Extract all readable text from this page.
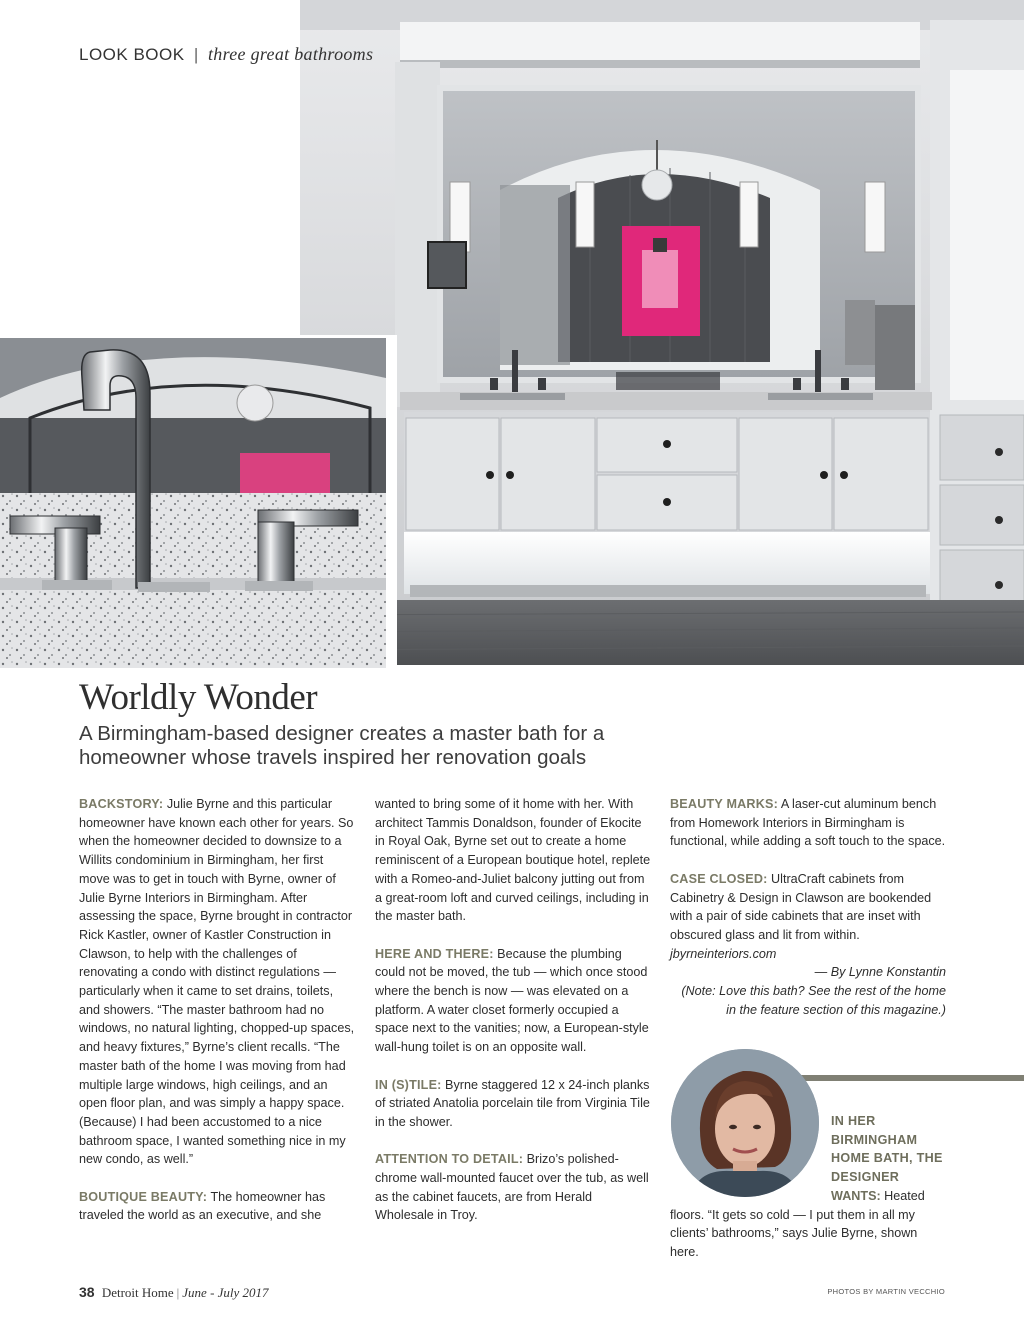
LOOK BOOK | three great bathrooms
Worldly Wonder
A Birmingham-based designer creates a master bath for a homeowner whose travels inspired her renovation goals

BACKSTORY: Julie Byrne and this particular homeowner have known each other for years. So when the homeowner decided to downsize to a Willits condominium in Birmingham, her first move was to get in touch with Byrne, owner of Julie Byrne Interiors in Birmingham. After assessing the space, Byrne brought in contractor Rick Kastler, owner of Kastler Construction in Clawson, to help with the challenges of renovating a condo with distinct regulations — particularly when it came to set drains, toilets, and showers. “The master bathroom had no windows, no natural lighting, chopped-up spaces, and heavy fixtures,” Byrne’s client recalls. “The master bath of the home I was moving from had multiple large windows, high ceilings, and an open floor plan, and was simply a happy space. (Because) I had been accustomed to a nice bathroom space, I wanted something nice in my new condo, as well.”

BOUTIQUE BEAUTY: The homeowner has traveled the world as an executive, and she

wanted to bring some of it home with her. With architect Tammis Donaldson, founder of Ekocite in Royal Oak, Byrne set out to create a home reminiscent of a European boutique hotel, replete with a Romeo-and-Juliet balcony jutting out from a great-room loft and curved ceilings, including in the master bath.

HERE AND THERE: Because the plumbing could not be moved, the tub — which once stood where the bench is now — was elevated on a platform. A water closet formerly occupied a space next to the vanities; now, a European-style wall-hung toilet is on an opposite wall.

IN (S)TILE: Byrne staggered 12 x 24-inch planks of striated Anatolia porcelain tile from Virginia Tile in the shower.

ATTENTION TO DETAIL: Brizo’s polished-chrome wall-mounted faucet over the tub, as well as the cabinet faucets, are from Herald Wholesale in Troy.

BEAUTY MARKS: A laser-cut aluminum bench from Homework Interiors in Birmingham is functional, while adding a soft touch to the space.

CASE CLOSED: UltraCraft cabinets from Cabinetry & Design in Clawson are bookended with a pair of side cabinets that are inset with obscured glass and lit from within.

jbyrneinteriors.com

— By Lynne Konstantin

(Note: Love this bath? See the rest of the home in the feature section of this magazine.)

IN HER BIRMINGHAM HOME BATH, THE DESIGNER
WANTS: Heated floors. “It gets so cold — I put them in all my clients’ bathrooms,” says Julie Byrne, shown here.
38 Detroit Home | June - July 2017	PHOTOS BY MARTIN VECCHIO
